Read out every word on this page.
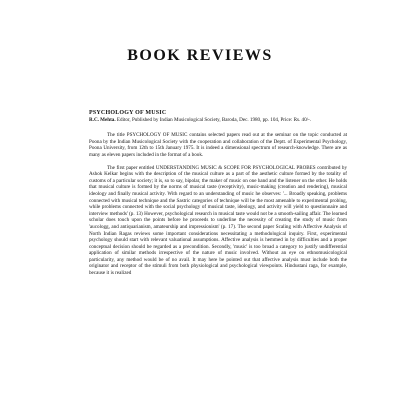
BOOK REVIEWS
PSYCHOLOGY OF MUSIC
R.C. Mehta. Editor, Published by Indian Musicological Society, Baroda, Dec. 1980, pp. 104, Price: Rs. 40/-.

The title PSYCHOLOGY OF MUSIC contains selected papers read out at the seminar on the topic conducted at Poona by the Indian Musicological Society with the cooperation and collaboration of the Deptt. of Experimental Psychology, Poona University, from 12th to 15th January 1975. It is indeed a dimensional spectrum of research-knowledge. There are as many as eleven papers included in the format of a book.

The first paper entitled UNDERSTANDING MUSIC & SCOPE FOR PSYCHOLOGICAL PROBES contributed by Ashok Kelkar begins with the description of the musical culture as a part of the aesthetic culture formed by the totality of customs of a particular society; it is, so to say, bipolar, the maker of music on one hand and the listener on the other. He holds that musical culture is formed by the norms of musical taste (receptivity), music-making (creation and rendering), musical ideology and finally musical activity. With regard to an understanding of music he observes: '... Broadly speaking, problems connected with musical technique and the Sastric categories of technique will be the most amenable to experimental probing, while problems connected with the social psychology of musical taste, ideology, and activity will yield to questionnaire and interview methods' (p. 13) However, psychological research in musical taste would not be a smooth-sailing affair. The learned scholar does touch upon the points before he proceeds to underline the necessity of creating the study of music from 'aucologg, and antiquarianism, amateurship and impressionism' (p. 17). The second paper Scaling with Affective Analysis of North Indian Ragas reviews some important considerations necessitating a methodological inquiry. First, experimental psychology should start with relevant valuational assumptions. Affective analysis is hemmed in by difficulties and a proper conceptual decision should be regarded as a precondition. Secondly, 'music' is too broad a category to justify undifferential application of similar methods irrespective of the nature of music involved. Without an eye on ethnomusicological particularity, any method would be of no avail. It may here be pointed out that affective analysis must include both the originator and receptor of the stimuli from both physiological and psychological viewpoints. Hindustani raga, for example, because it is realized
